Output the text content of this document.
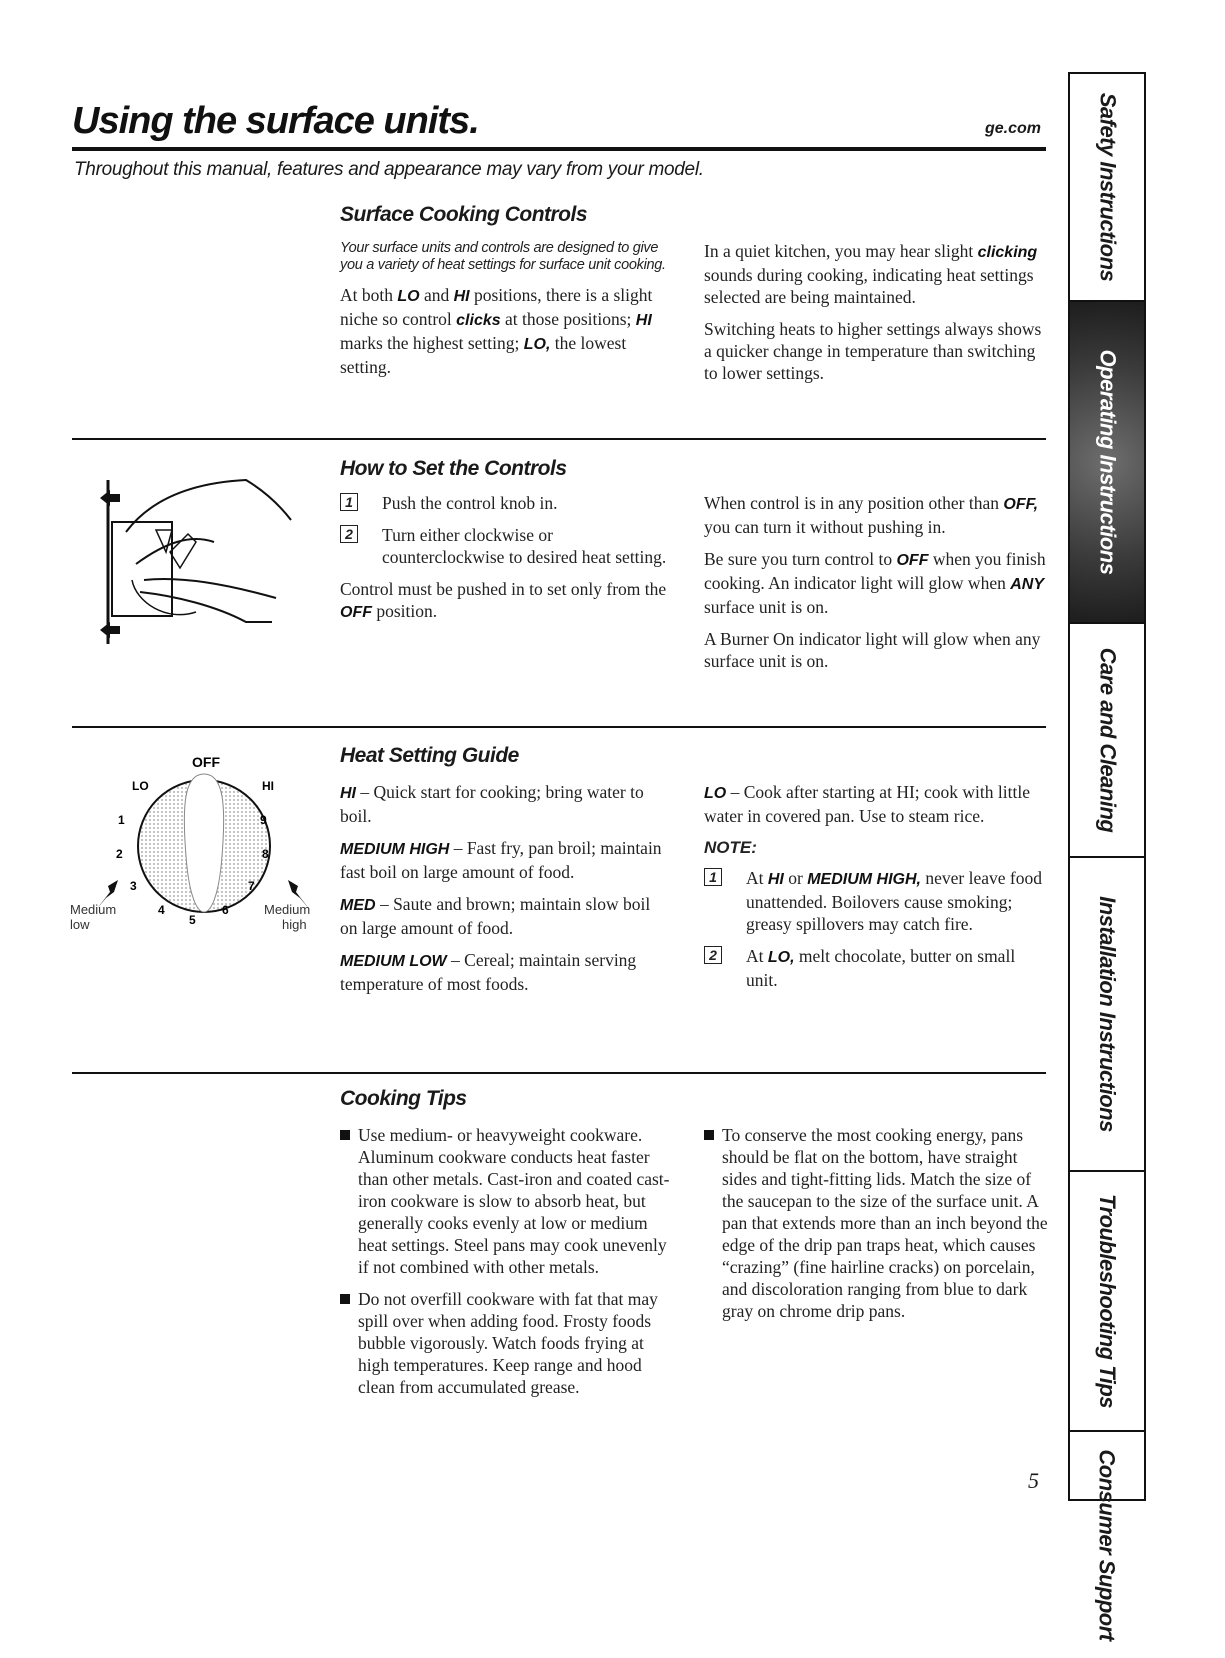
Using the surface units.	ge.com
Throughout this manual, features and appearance may vary from your model.
Surface Cooking Controls
Your surface units and controls are designed to give you a variety of heat settings for surface unit cooking.

At both LO and HI positions, there is a slight niche so control clicks at those positions; HI marks the highest setting; LO, the lowest setting.

In a quiet kitchen, you may hear slight clicking sounds during cooking, indicating heat settings selected are being maintained.

Switching heats to higher settings always shows a quicker change in temperature than switching to lower settings.

How to Set the Controls
1 Push the control knob in.
2 Turn either clockwise or counterclockwise to desired heat setting.

Control must be pushed in to set only from the OFF position.

When control is in any position other than OFF, you can turn it without pushing in.

Be sure you turn control to OFF when you finish cooking. An indicator light will glow when ANY surface unit is on.

A Burner On indicator light will glow when any surface unit is on.

OFF
LO	HI
1
2
3
4
5
6
7
8
9
Medium
low
Medium
high
Heat Setting Guide

HI – Quick start for cooking; bring water to boil.

MEDIUM HIGH – Fast fry, pan broil; maintain fast boil on large amount of food.

MED – Saute and brown; maintain slow boil on large amount of food.

MEDIUM LOW – Cereal; maintain serving temperature of most foods.

LO – Cook after starting at HI; cook with little water in covered pan. Use to steam rice.

NOTE:
1 At HI or MEDIUM HIGH, never leave food unattended. Boilovers cause smoking; greasy spillovers may catch fire.
2 At LO, melt chocolate, butter on small unit.
Cooking Tips
Use medium- or heavyweight cookware. Aluminum cookware conducts heat faster than other metals. Cast-iron and coated cast-iron cookware is slow to absorb heat, but generally cooks evenly at low or medium heat settings. Steel pans may cook unevenly if not combined with other metals.
Do not overfill cookware with fat that may spill over when adding food. Frosty foods bubble vigorously. Watch foods frying at high temperatures. Keep range and hood clean from accumulated grease.
To conserve the most cooking energy, pans should be flat on the bottom, have straight sides and tight-fitting lids. Match the size of the saucepan to the size of the surface unit. A pan that extends more than an inch beyond the edge of the drip pan traps heat, which causes “crazing” (fine hairline cracks) on porcelain, and discoloration ranging from blue to dark gray on chrome drip pans.
Safety Instructions
Operating Instructions
Care and Cleaning
Installation Instructions
Troubleshooting Tips
Consumer Support
5
